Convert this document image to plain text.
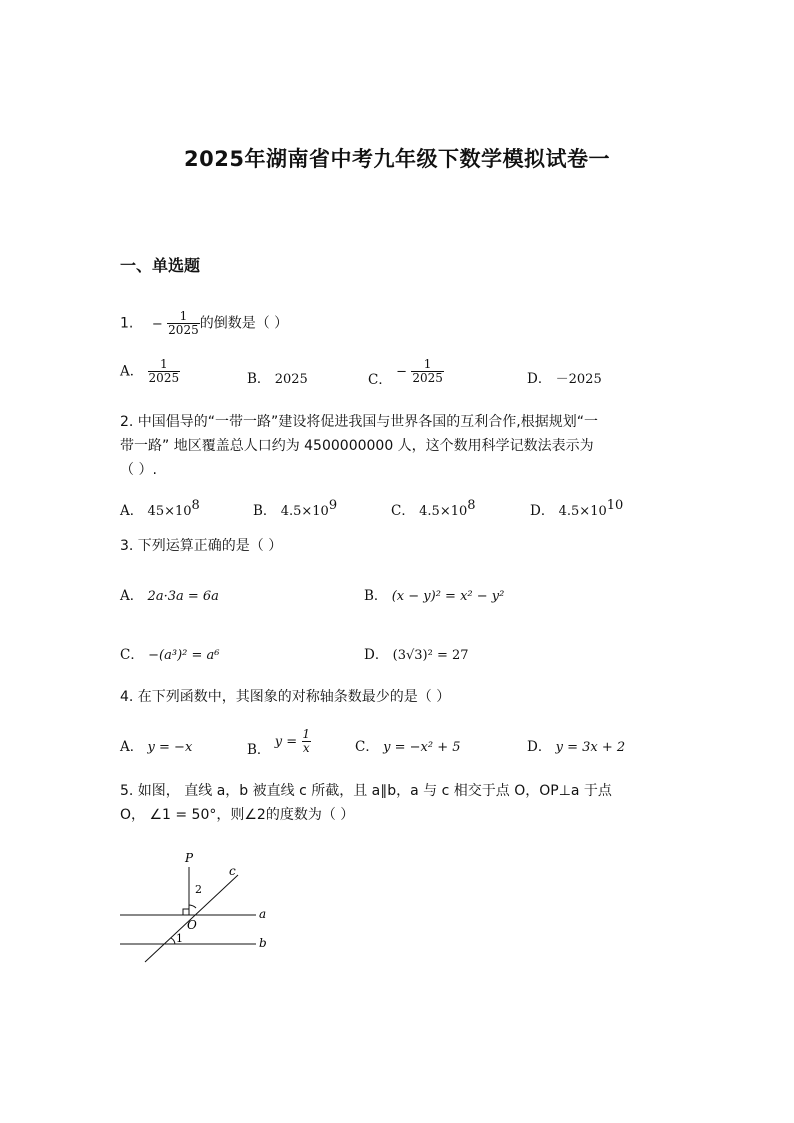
2025年湖南省中考九年级下数学模拟试卷一
一、单选题
1. − $\frac{1}{2025}$ 的倒数是（ ）
A． $\frac{1}{2025}$	B． 2025	C． − $\frac{1}{2025}$	D． －2025
2. 中国倡导的“一带一路”建设将促进我国与世界各国的互利合作,根据规划“一
带一路” 地区覆盖总人口约为 4500000000 人，这个数用科学记数法表示为
（ ）.
A． $45\times 10^8$	B． $4.5\times 10^9$	C． $4.5\times 10^8$	D． $4.5\times 10^{10}$
3. 下列运算正确的是（ ）
A． 2a·3a = 6a	B． (x − y)² = x² − y²
C． −(a³)² = a⁶	D． (3√3)² = 27
4. 在下列函数中，其图象的对称轴条数最少的是（ ）
A． y = −x	B． $y = \frac{1}{x}$	C． y = −x² + 5	D． y = 3x + 2
5. 如图， 直线 a，b 被直线 c 所截，且 a∥b，a 与 c 相交于点 O，OP⊥a 于点
O， ∠1 = 50°，则∠2的度数为（ ）
P
c
2
a
O
1	b
